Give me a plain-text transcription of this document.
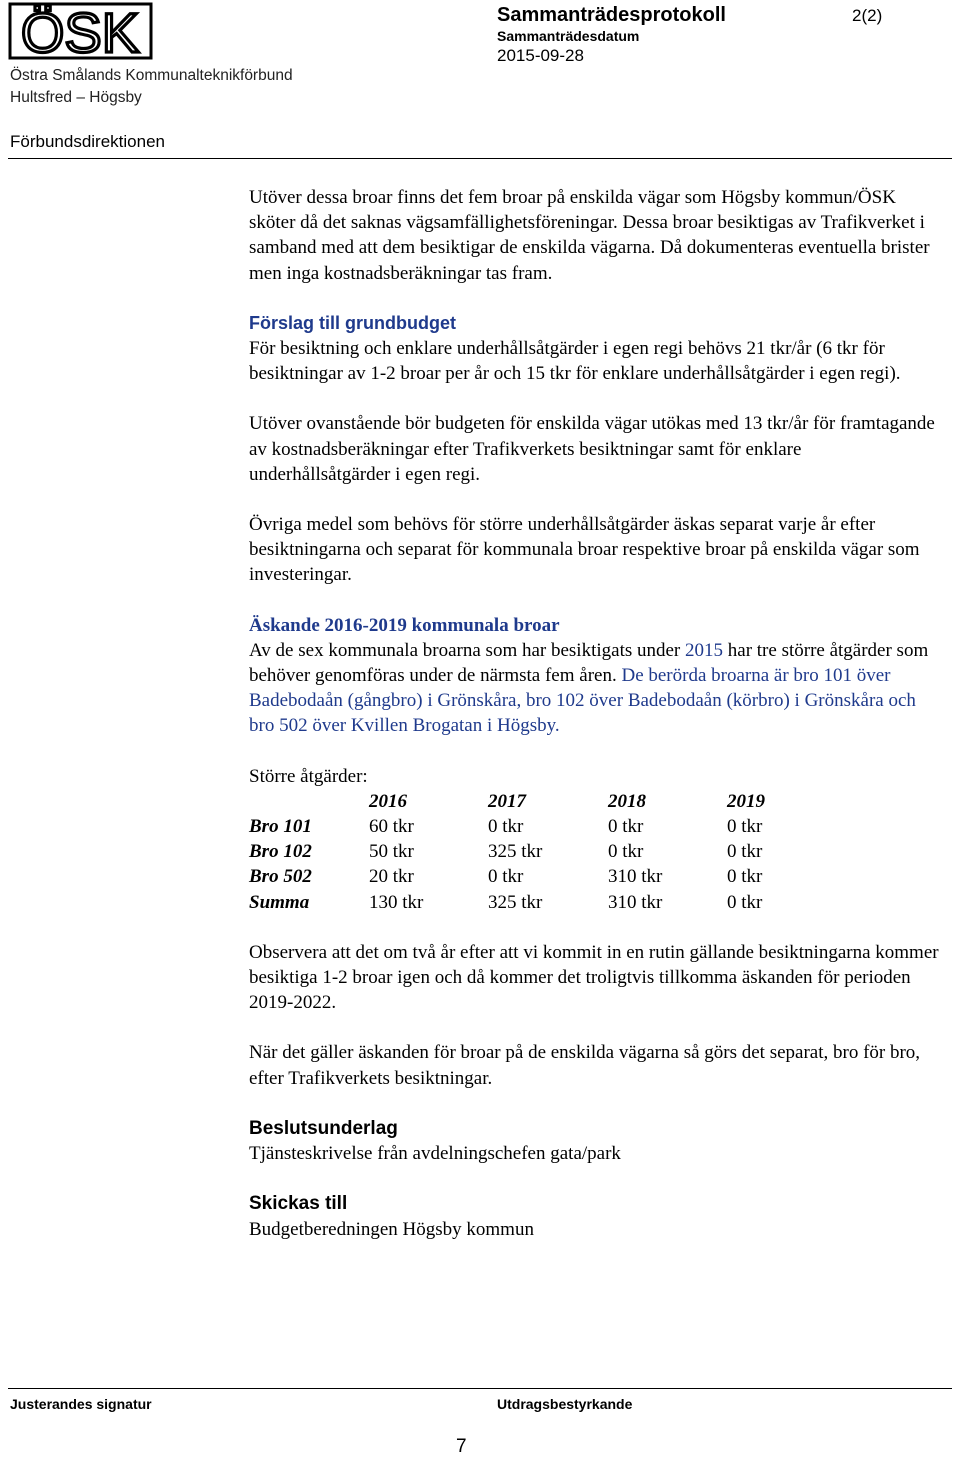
ÖSK
Östra Smålands Kommunalteknikförbund
Hultsfred – Högsby
Sammanträdesprotokoll
Sammanträdesdatum
2015-09-28
2(2)
Förbundsdirektionen

Utöver dessa broar finns det fem broar på enskilda vägar som Högsby kommun/ÖSK sköter då det saknas vägsamfällighetsföreningar. Dessa broar besiktigas av Trafikverket i samband med att dem besiktigar de enskilda vägarna. Då dokumenteras eventuella brister men inga kostnadsberäkningar tas fram.

Förslag till grundbudget

För besiktning och enklare underhållsåtgärder i egen regi behövs 21 tkr/år (6 tkr för besiktningar av 1-2 broar per år och 15 tkr för enklare underhållsåtgärder i egen regi).

Utöver ovanstående bör budgeten för enskilda vägar utökas med 13 tkr/år för framtagande av kostnadsberäkningar efter Trafikverkets besiktningar samt för enklare underhållsåtgärder i egen regi.

Övriga medel som behövs för större underhållsåtgärder äskas separat varje år efter besiktningarna och separat för kommunala broar respektive broar på enskilda vägar som investeringar.

Äskande 2016-2019 kommunala broar

Av de sex kommunala broarna som har besiktigats under 2015 har tre större åtgärder som behöver genomföras under de närmsta fem åren. De berörda broarna är bro 101 över Badebodaån (gångbro) i Grönskåra, bro 102 över Badebodaån (körbro) i Grönskåra och bro 502 över Kvillen Brogatan i Högsby.

Större åtgärder:

	2016	2017	2018	2019
Bro 101	60 tkr	0 tkr	0 tkr	0 tkr
Bro 102	50 tkr	325 tkr	0 tkr	0 tkr
Bro 502	20 tkr	0 tkr	310 tkr	0 tkr
Summa	130 tkr	325 tkr	310 tkr	0 tkr

Observera att det om två år efter att vi kommit in en rutin gällande besiktningarna kommer besiktiga 1-2 broar igen och då kommer det troligtvis tillkomma äskanden för perioden 2019-2022.

När det gäller äskanden för broar på de enskilda vägarna så görs det separat, bro för bro, efter Trafikverkets besiktningar.

Beslutsunderlag

Tjänsteskrivelse från avdelningschefen gata/park

Skickas till

Budgetberedningen Högsby kommun

Justerandes signatur	Utdragsbestyrkande
7
